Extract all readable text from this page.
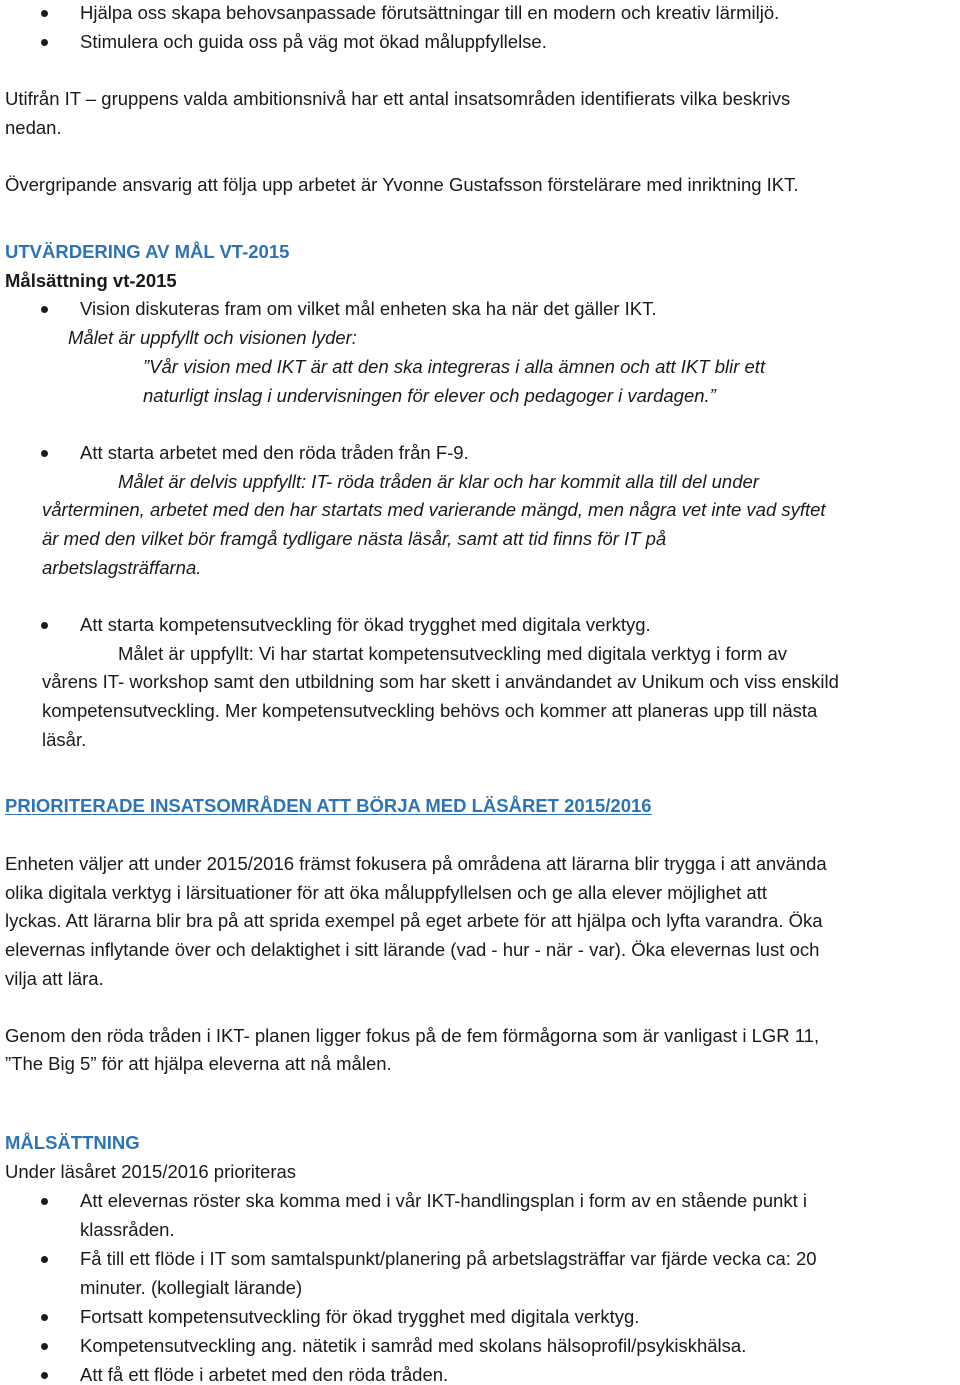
Hjälpa oss skapa behovsanpassade förutsättningar till en modern och kreativ lärmiljö.
Stimulera och guida oss på väg mot ökad måluppfyllelse.
Utifrån IT – gruppens valda ambitionsnivå har ett antal insatsområden identifierats vilka beskrivs
nedan.
Övergripande ansvarig att följa upp arbetet är Yvonne Gustafsson förstelärare med inriktning IKT.
UTVÄRDERING AV MÅL VT-2015
Målsättning vt-2015
Vision diskuteras fram om vilket mål enheten ska ha när det gäller IKT.
Målet är uppfyllt och visionen lyder:
”Vår vision med IKT är att den ska integreras i alla ämnen och att IKT blir ett
naturligt inslag i undervisningen för elever och pedagoger i vardagen.”
Att starta arbetet med den röda tråden från F-9.
Målet är delvis uppfyllt: IT- röda tråden är klar och har kommit alla till del under
vårterminen, arbetet med den har startats med varierande mängd, men några vet inte vad syftet
är med den vilket bör framgå tydligare nästa läsår, samt att tid finns för IT på
arbetslagsträffarna.
Att starta kompetensutveckling för ökad trygghet med digitala verktyg.
Målet är uppfyllt: Vi har startat kompetensutveckling med digitala verktyg i form av
vårens IT- workshop samt den utbildning som har skett i användandet av Unikum och viss enskild
kompetensutveckling. Mer kompetensutveckling behövs och kommer att planeras upp till nästa
läsår.
PRIORITERADE INSATSOMRÅDEN ATT BÖRJA MED LÄSÅRET 2015/2016
Enheten väljer att under 2015/2016 främst fokusera på områdena att lärarna blir trygga i att använda
olika digitala verktyg i lärsituationer för att öka måluppfyllelsen och ge alla elever möjlighet att
lyckas. Att lärarna blir bra på att sprida exempel på eget arbete för att hjälpa och lyfta varandra. Öka
elevernas inflytande över och delaktighet i sitt lärande (vad - hur - när - var). Öka elevernas lust och
vilja att lära.
Genom den röda tråden i IKT- planen ligger fokus på de fem förmågorna som är vanligast i LGR 11,
”The Big 5” för att hjälpa eleverna att nå målen.
MÅLSÄTTNING
Under läsåret 2015/2016 prioriteras
Att elevernas röster ska komma med i vår IKT-handlingsplan i form av en stående punkt i
klassråden.
Få till ett flöde i IT som samtalspunkt/planering på arbetslagsträffar var fjärde vecka ca: 20
minuter. (kollegialt lärande)
Fortsatt kompetensutveckling för ökad trygghet med digitala verktyg.
Kompetensutveckling ang. nätetik i samråd med skolans hälsoprofil/psykiskhälsa.
Att få ett flöde i arbetet med den röda tråden.
